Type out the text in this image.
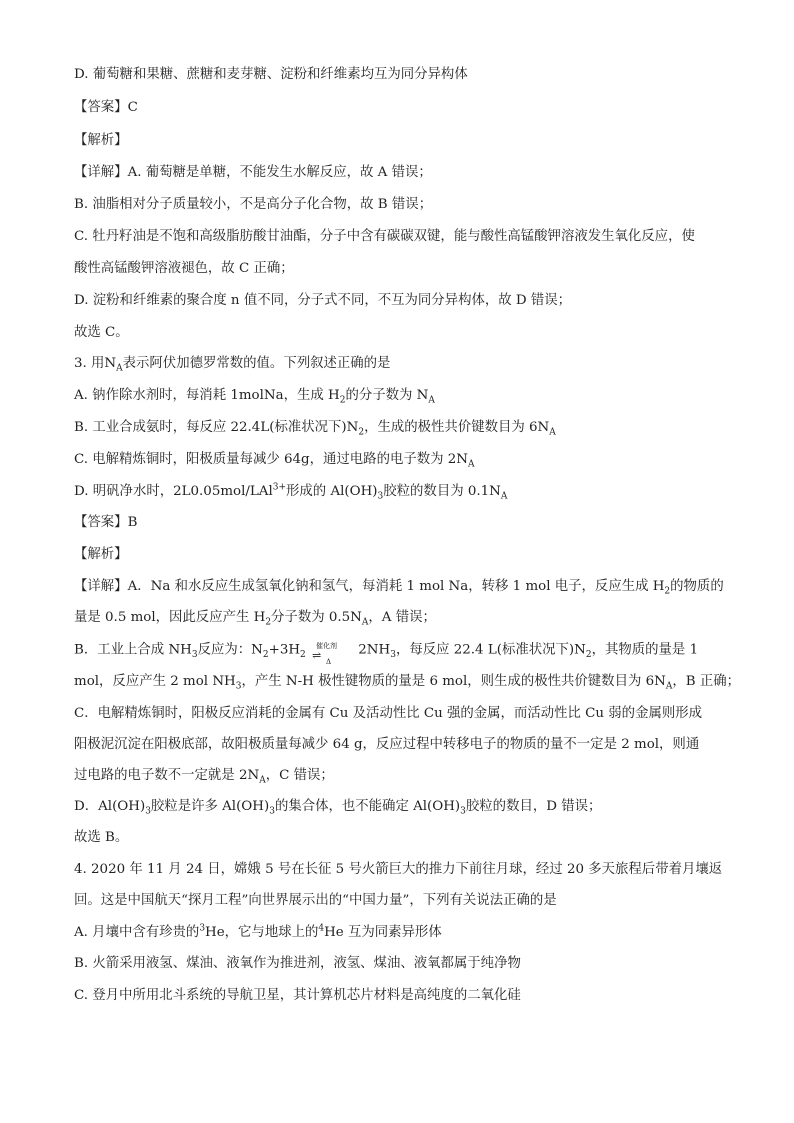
D. 葡萄糖和果糖、蔗糖和麦芽糖、淀粉和纤维素均互为同分异构体
【答案】C
【解析】
【详解】A. 葡萄糖是单糖，不能发生水解反应，故 A 错误；
B. 油脂相对分子质量较小，不是高分子化合物，故 B 错误；
C. 牡丹籽油是不饱和高级脂肪酸甘油酯，分子中含有碳碳双键，能与酸性高锰酸钾溶液发生氧化反应，使
酸性高锰酸钾溶液褪色，故 C 正确；
D. 淀粉和纤维素的聚合度 n 值不同，分子式不同，不互为同分异构体，故 D 错误；
故选 C。
3. 用$N_A$表示阿伏加德罗常数的值。下列叙述正确的是
A. 钠作除水剂时，每消耗 1molNa，生成 $H_2$的分子数为 $N_A$
B. 工业合成氨时，每反应 22.4L(标准状况下)$N_2$，生成的极性共价键数目为 $6N_A$
C. 电解精炼铜时，阳极质量每减少 64g，通过电路的电子数为 $2N_A$
D. 明矾净水时，2L0.05mol/LAl$^{3+}$形成的 $Al(OH)_3$胶粒的数目为 $0.1N_A$
【答案】B
【解析】
【详解】A．Na 和水反应生成氢氧化钠和氢气，每消耗 1 mol Na，转移 1 mol 电子，反应生成 $H_2$的物质的
量是 0.5 mol，因此反应产生 $H_2$分子数为 $0.5N_A$，A 错误；
B．工业上合成 $NH_3$反应为：$N_2+3H_2$
催化剂
⇌ Δ
$2NH_3$，每反应 22.4 L(标准状况下)$N_2$，其物质的量是 1
mol，反应产生 2 mol $NH_3$，产生 N-H 极性键物质的量是 6 mol，则生成的极性共价键数目为 $6N_A$，B 正确；
C．电解精炼铜时，阳极反应消耗的金属有 Cu 及活动性比 Cu 强的金属，而活动性比 Cu 弱的金属则形成
阳极泥沉淀在阳极底部，故阳极质量每减少 64 g，反应过程中转移电子的物质的量不一定是 2 mol，则通
过电路的电子数不一定就是 $2N_A$，C 错误；
D．$Al(OH)_3$胶粒是许多 $Al(OH)_3$的集合体，也不能确定 $Al(OH)_3$胶粒的数目，D 错误；
故选 B。
4. 2020 年 11 月 24 日，嫦娥 5 号在长征 5 号火箭巨大的推力下前往月球，经过 20 多天旅程后带着月壤返
回。这是中国航天“探月工程”向世界展示出的“中国力量”，下列有关说法正确的是
A. 月壤中含有珍贵的$^3$He，它与地球上的$^4$He 互为同素异形体
B. 火箭采用液氢、煤油、液氧作为推进剂，液氢、煤油、液氧都属于纯净物
C. 登月中所用北斗系统的导航卫星，其计算机芯片材料是高纯度的二氧化硅
